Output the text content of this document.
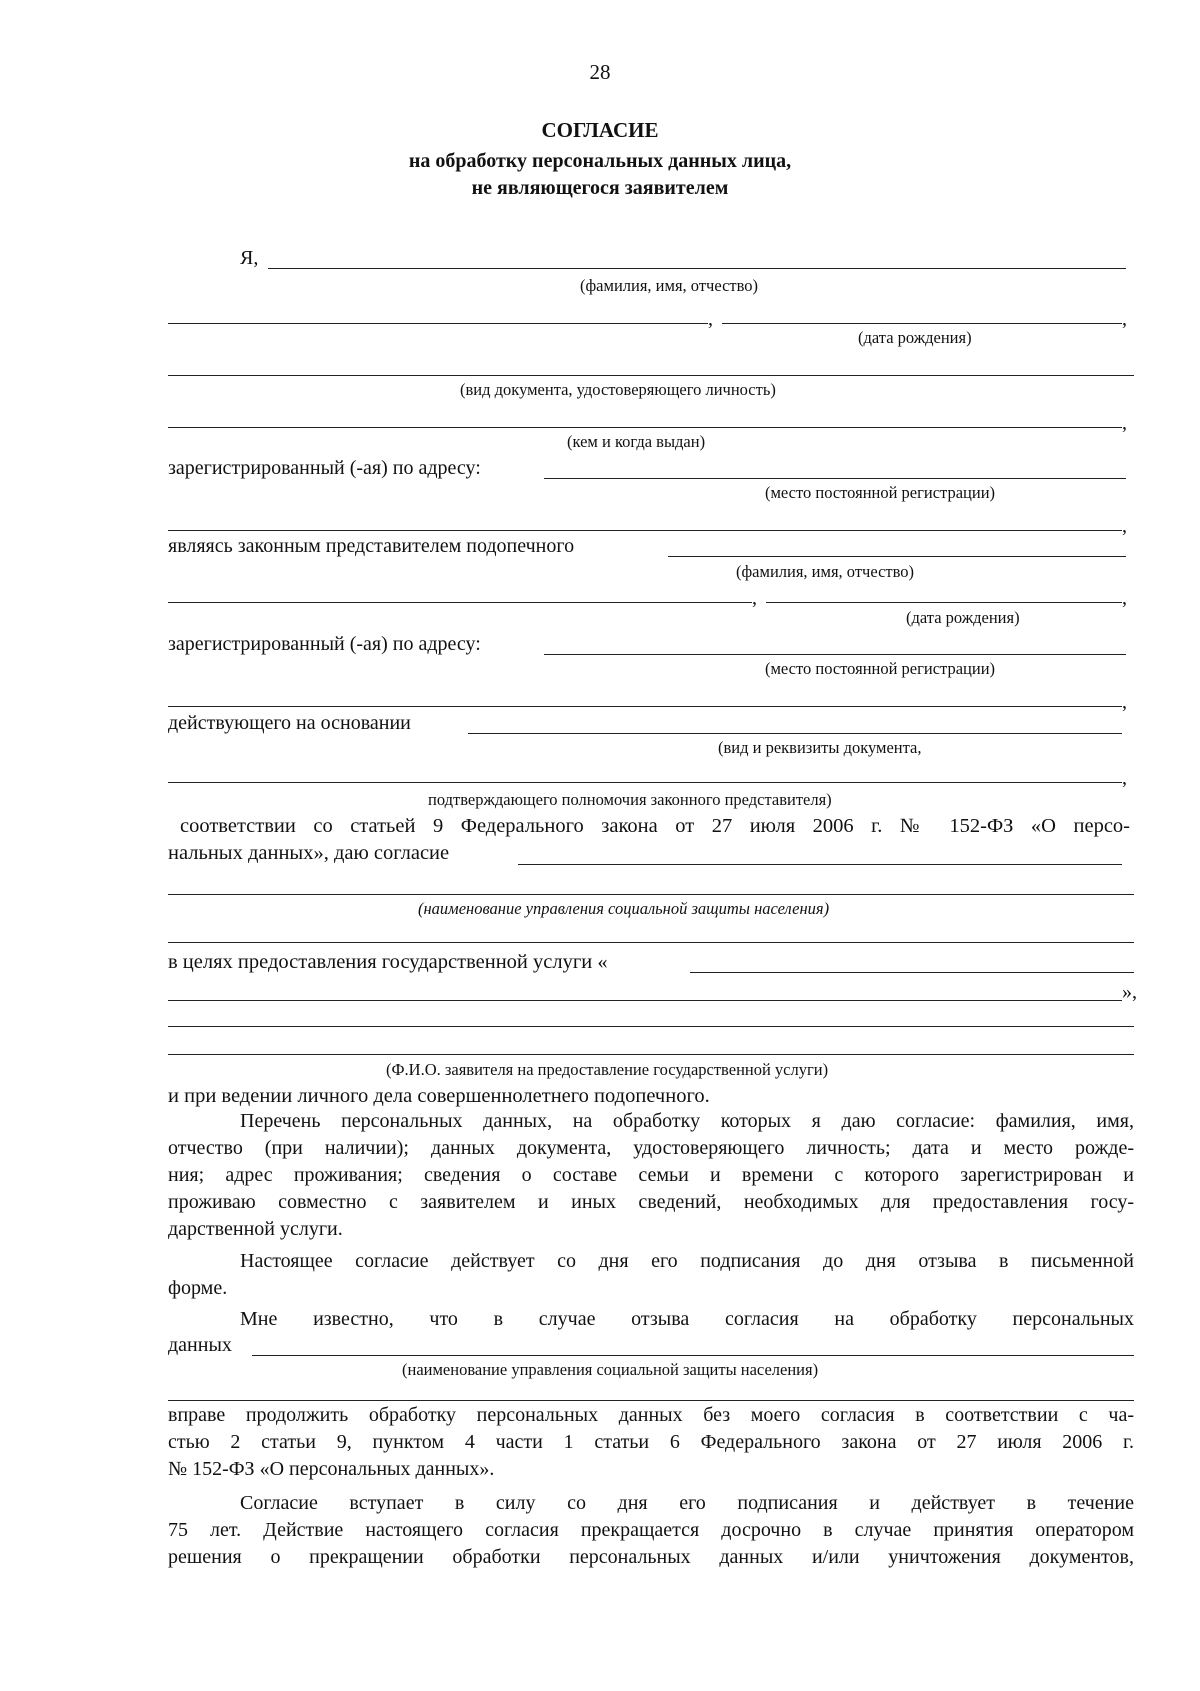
28
СОГЛАСИЕ
на обработку персональных данных лица,
не являющегося заявителем
Я,
(фамилия, имя, отчество)
,	,
(дата рождения)
(вид документа, удостоверяющего личность)
,
(кем и когда выдан)
зарегистрированный (-ая) по адресу:
(место постоянной регистрации)
,
являясь законным представителем подопечного
(фамилия, имя, отчество)
,	,
(дата рождения)
зарегистрированный (-ая) по адресу:
(место постоянной регистрации)
,
действующего на основании
(вид и реквизиты документа,
,
подтверждающего полномочия законного представителя)
соответствии со статьей 9 Федерального закона от 27 июля 2006 г. № 152-ФЗ «О персо-
нальных данных», даю согласие
(наименование управления социальной защиты населения)
в целях предоставления государственной услуги «
»,
(Ф.И.О. заявителя на предоставление государственной услуги)
и при ведении личного дела совершеннолетнего подопечного.
Перечень персональных данных, на обработку которых я даю согласие: фамилия, имя,
отчество (при наличии); данных документа, удостоверяющего личность; дата и место рожде-
ния; адрес проживания; сведения о составе семьи и времени с которого зарегистрирован и
проживаю совместно с заявителем и иных сведений, необходимых для предоставления госу-
дарственной услуги.
Настоящее согласие действует со дня его подписания до дня отзыва в письменной
форме.
Мне известно, что в случае отзыва согласия на обработку персональных
данных
(наименование управления социальной защиты населения)
вправе продолжить обработку персональных данных без моего согласия в соответствии с ча-
стью 2 статьи 9, пунктом 4 части 1 статьи 6 Федерального закона от 27 июля 2006 г.
№ 152-ФЗ «О персональных данных».
Согласие вступает в силу со дня его подписания и действует в течение
75 лет. Действие настоящего согласия прекращается досрочно в случае принятия оператором
решения о прекращении обработки персональных данных и/или уничтожения документов,
